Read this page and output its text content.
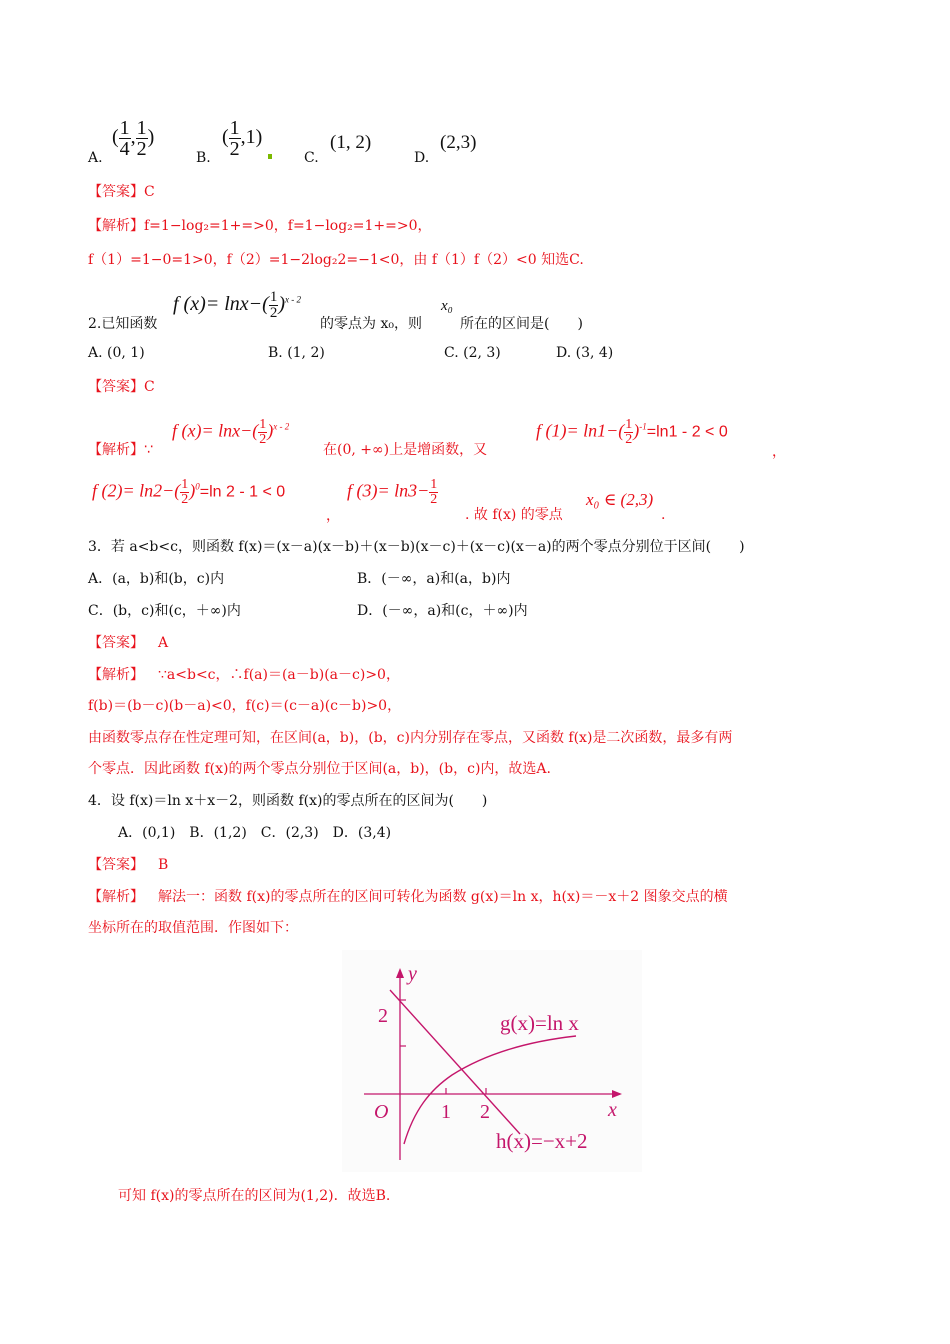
A.
( $\frac{1}{4}$ , $\frac{1}{2}$ )
B.
( $\frac{1}{2} ,1$)
C.
(1, 2)
D.
(2,3)
【答案】C
【解析】f=1−log₂=1+=>0，f=1−log₂=1+=>0，
f（1）=1−0=1>0，f（2）=1−2log₂2=−1<0，由 f（1）f（2）<0 知选C.
2.已知函数
f $(x)= \ln x-( \frac{1}{2} )^{x - 2}$
的零点为 x₀，则
x₀
所在的区间是(　　)
A. (0, 1)	B. (1, 2)	C. (2, 3)	D. (3, 4)
【答案】C
【解析】∵
f $(x)= \ln x-( \frac{1}{2} )^{x - 2}$
在(0, +∞)上是增函数，又
f $(1)= \ln 1-( \frac{1}{2} )^{-1}=\ln 1 - 2 < 0$
，
f $(2)= \ln 2-( \frac{1}{2} )^0=\ln$ 2 - 1 < 0
，
f $(3)= \ln 3- \frac{1}{2}$
. 故 f(x) 的零点
x₀ ∈ (2,3)
.
3．若 a<b<c，则函数 f(x)＝(x－a)(x－b)＋(x－b)(x－c)＋(x－c)(x－a)的两个零点分别位于区间(　　)
A．(a，b)和(b，c)内	B．(－∞，a)和(a，b)内
C．(b，c)和(c，＋∞)内	D．(－∞，a)和(c，＋∞)内
【答案】 A
【解析】 ∵a<b<c，∴f(a)＝(a－b)(a－c)>0，
f(b)＝(b－c)(b－a)<0，f(c)＝(c－a)(c－b)>0，
由函数零点存在性定理可知，在区间(a，b)，(b，c)内分别存在零点，又函数 f(x)是二次函数，最多有两
个零点．因此函数 f(x)的两个零点分别位于区间(a，b)，(b，c)内，故选A.
4．设 f(x)＝ln x＋x－2，则函数 f(x)的零点所在的区间为(　　)
A．(0,1)　B．(1,2)　C．(2,3)　D．(3,4)
【答案】 B
【解析】 解法一：函数 f(x)的零点所在的区间可转化为函数 g(x)＝ln x，h(x)＝－x＋2 图象交点的横
坐标所在的取值范围．作图如下：
y
x
O	1 2
2	g(x)=ln x
h(x)=−x+2
可知 f(x)的零点所在的区间为(1,2)．故选B.
